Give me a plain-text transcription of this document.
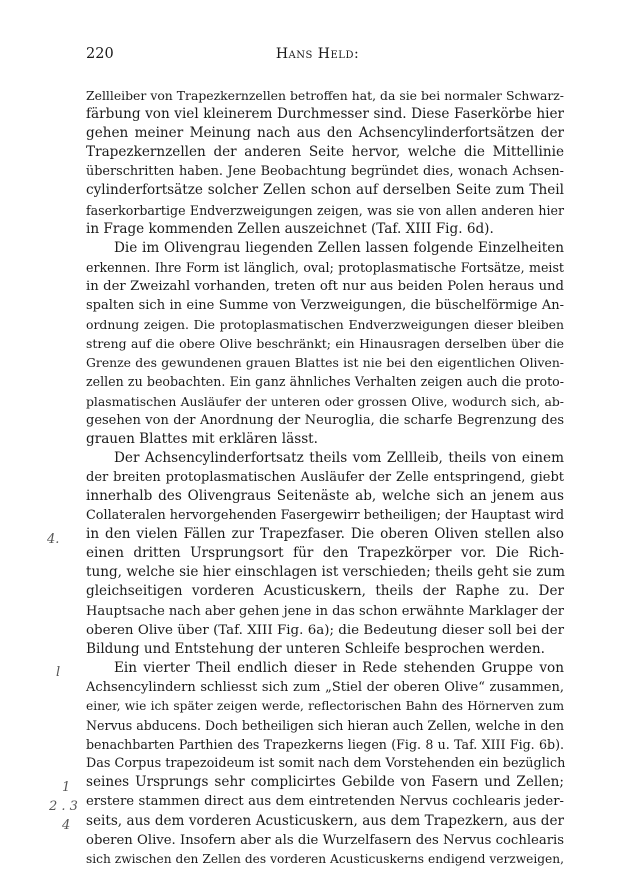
220	Hans Held:
Zellleiber von Trapezkernzellen betroffen hat, da sie bei normaler Schwarz-
färbung von viel kleinerem Durchmesser sind. Diese Faserkörbe hier
gehen meiner Meinung nach aus den Achsencylinderfortsätzen der
Trapezkernzellen der anderen Seite hervor, welche die Mittellinie
überschritten haben. Jene Beobachtung begründet dies, wonach Achsen-
cylinderfortsätze solcher Zellen schon auf derselben Seite zum Theil
faserkorbartige Endverzweigungen zeigen, was sie von allen anderen hier
in Frage kommenden Zellen auszeichnet (Taf. XIII Fig. 6d).
Die im Olivengrau liegenden Zellen lassen folgende Einzelheiten
erkennen. Ihre Form ist länglich, oval; protoplasmatische Fortsätze, meist
in der Zweizahl vorhanden, treten oft nur aus beiden Polen heraus und
spalten sich in eine Summe von Verzweigungen, die büschelförmige An-
ordnung zeigen. Die protoplasmatischen Endverzweigungen dieser bleiben
streng auf die obere Olive beschränkt; ein Hinausragen derselben über die
Grenze des gewundenen grauen Blattes ist nie bei den eigentlichen Oliven-
zellen zu beobachten. Ein ganz ähnliches Verhalten zeigen auch die proto-
plasmatischen Ausläufer der unteren oder grossen Olive, wodurch sich, ab-
gesehen von der Anordnung der Neuroglia, die scharfe Begrenzung des
grauen Blattes mit erklären lässt.
Der Achsencylinderfortsatz theils vom Zellleib, theils von einem
der breiten protoplasmatischen Ausläufer der Zelle entspringend, giebt
innerhalb des Olivengraus Seitenäste ab, welche sich an jenem aus
Collateralen hervorgehenden Fasergewirr betheiligen; der Hauptast wird
in den vielen Fällen zur Trapezfaser. Die oberen Oliven stellen also
einen dritten Ursprungsort für den Trapezkörper vor. Die Rich-
tung, welche sie hier einschlagen ist verschieden; theils geht sie zum
gleichseitigen vorderen Acusticuskern, theils der Raphe zu. Der
Hauptsache nach aber gehen jene in das schon erwähnte Marklager der
oberen Olive über (Taf. XIII Fig. 6a); die Bedeutung dieser soll bei der
Bildung und Entstehung der unteren Schleife besprochen werden.
Ein vierter Theil endlich dieser in Rede stehenden Gruppe von
Achsencylindern schliesst sich zum „Stiel der oberen Olive“ zusammen,
einer, wie ich später zeigen werde, reflectorischen Bahn des Hörnerven zum
Nervus abducens. Doch betheiligen sich hieran auch Zellen, welche in den
benachbarten Parthien des Trapezkerns liegen (Fig. 8 u. Taf. XIII Fig. 6b).
Das Corpus trapezoideum ist somit nach dem Vorstehenden ein bezüglich
seines Ursprungs sehr complicirtes Gebilde von Fasern und Zellen;
erstere stammen direct aus dem eintretenden Nervus cochlearis jeder-
seits, aus dem vorderen Acusticuskern, aus dem Trapezkern, aus der
oberen Olive. Insofern aber als die Wurzelfasern des Nervus cochlearis
sich zwischen den Zellen des vorderen Acusticuskerns endigend verzweigen,
4.
l
1
2 . 3
4
